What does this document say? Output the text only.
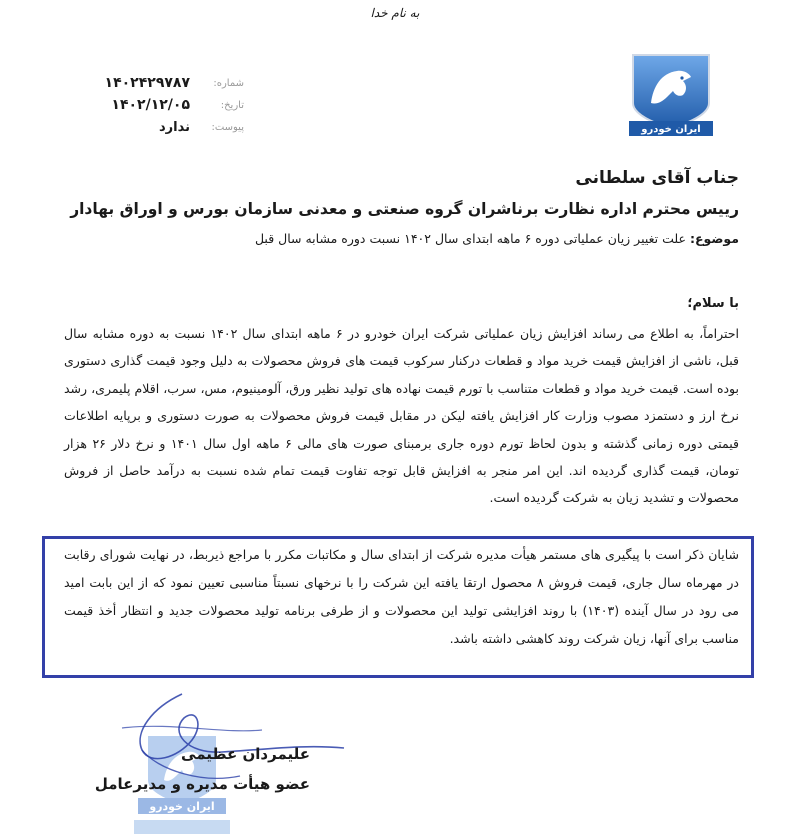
به نام خدا
شماره:
۱۴۰۲۴۲۹۷۸۷
تاریخ:
۱۴۰۲/۱۲/۰۵
پیوست:
ندارد	ایران خودرو

جناب آقای سلطانی

رییس محترم اداره نظارت برناشران گروه صنعتی و معدنی سازمان بورس و اوراق بهادار

موضوع: علت تغییر زیان عملیاتی دوره ۶ ماهه ابتدای سال ۱۴۰۲ نسبت دوره مشابه سال قبل

با سلام؛
احتراماً، به اطلاع می رساند افزایش زیان عملیاتی شرکت ایران خودرو در ۶ ماهه ابتدای سال ۱۴۰۲ نسبت به دوره مشابه سال قبل، ناشی از افزایش قیمت خرید مواد و قطعات درکنار سرکوب قیمت های فروش محصولات به دلیل وجود قیمت گذاری دستوری بوده است. قیمت خرید مواد و قطعات متناسب با تورم قیمت نهاده های تولید نظیر ورق، آلومینیوم، مس، سرب، اقلام پلیمری، رشد نرخ ارز و دستمزد مصوب وزارت کار افزایش یافته لیکن در مقابل قیمت فروش محصولات به صورت دستوری و برپایه اطلاعات قیمتی دوره زمانی گذشته و بدون لحاظ تورم دوره جاری برمبنای صورت های مالی ۶ ماهه اول سال ۱۴۰۱ و نرخ دلار ۲۶ هزار تومان، قیمت گذاری گردیده اند. این امر منجر به افزایش قابل توجه تفاوت قیمت تمام شده نسبت به درآمد حاصل از فروش محصولات و تشدید زیان به شرکت گردیده است.
شایان ذکر است با پیگیری های مستمر هیأت مدیره شرکت از ابتدای سال و مکاتبات مکرر با مراجع ذیربط، در نهایت شورای رقابت در مهرماه سال جاری، قیمت فروش ۸ محصول ارتقا یافته این شرکت را با نرخهای نسبتاً مناسبی تعیین نمود که از این بابت امید می رود در سال آینده (۱۴۰۳) با روند افزایشی تولید این محصولات و از طرفی برنامه تولید محصولات جدید و انتظار أخذ قیمت مناسب برای آنها، زیان شرکت روند کاهشی داشته باشد.
ایران خودرو
علیمردان عظیمی
عضو هیأت مدیره و مدیرعامل
